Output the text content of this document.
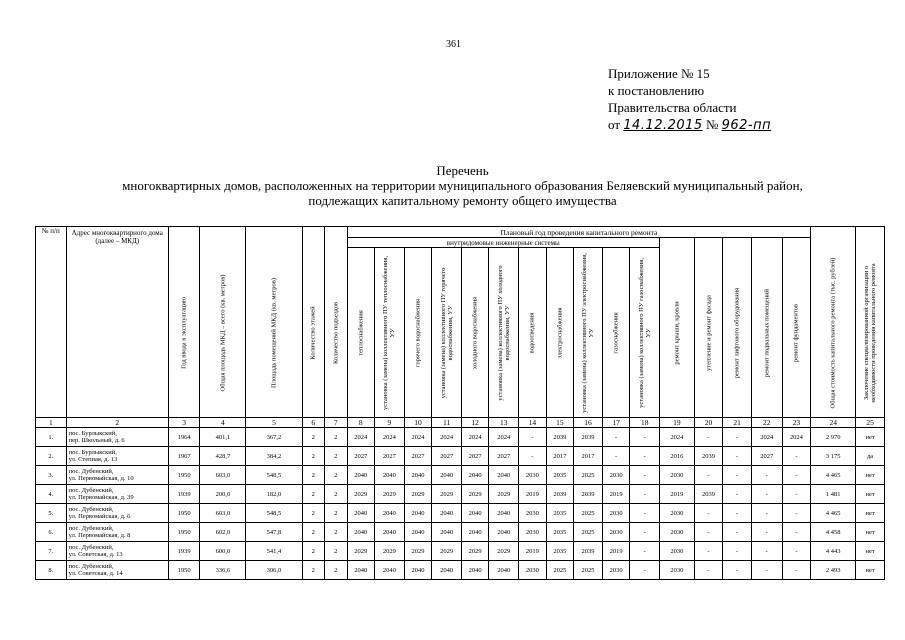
361
Приложение № 15
к постановлению
Правительства области
от 14.12.2015 № 962-пп
Перечень
многоквартирных домов, расположенных на территории муниципального образования Беляевский муниципальный район,
подлежащих капитальному ремонту общего имущества
№ п/п	Адрес многоквартирного дома (далее – МКД)	Год ввода в эксплуатацию	Общая площадь МКД – всего (кв. метров)	Площадь помещений МКД (кв. метров)	Количество этажей	Количество подъездов	Плановый год проведения капитального ремонта																Общая стоимость капитального ремонта (тыс. рублей)	Заключение специализированной организации о необходимости проведения капитального ремонта

							внутридомовые инженерные системы											ремонт крыши, кровли	утепление и ремонт фасада	ремонт лифтового оборудования	ремонт подвальных помещений	ремонт фундаментов		

							теплоснабжения	установка (замена) коллективного ПУ теплоснабжения, УУ	горячего водоснабжения	установка (замена) коллективного ПУ горячего водоснабжения, УУ	холодного водоснабжения	установка (замена) коллективного ПУ холодного водоснабжения, УУ	водоотведения	электроснабжения	установка (замена) коллективного ПУ электроснабжения, УУ	газоснабжения	установка (замена) коллективного ПУ газоснабжения, УУ							

1	2	3	4	5	6	7	8	9	10	11	12	13	14	15	16	17	18	19	20	21	22	23	24	25
1.	пос. Бурлыкский,
пер. Школьный, д. 6	1964	401,1	367,2	2	2	2024	2024	2024	2024	2024	2024	-	2039	2039	-	-	2024	-	-	2024	2024	2 970	нет
2.	пос. Бурлыкский,
ул. Степная, д. 13	1967	428,7	384,2	2	2	2027	2027	2027	2027	2027	2027	-	2017	2017	-	-	2016	2039	-	2027	-	3 175	да
3.	пос. Дубенский,
ул. Первомайская, д. 10	1950	603,0	548,5	2	2	2040	2040	2040	2040	2040	2040	2030	2035	2025	2030	-	2030	-	-	-	-	4 465	нет
4.	пос. Дубенский,
ул. Первомайская, д. 39	1939	200,0	182,0	2	2	2029	2029	2029	2029	2029	2029	2019	2039	2039	2019	-	2019	2039	-	-	-	1 481	нет
5.	пос. Дубенский,
ул. Первомайская, д. 6	1950	603,0	548,5	2	2	2040	2040	2040	2040	2040	2040	2030	2035	2025	2030	-	2030	-	-	-	-	4 465	нет
6.	пос. Дубенский,
ул. Первомайская, д. 8	1950	602,0	547,8	2	2	2040	2040	2040	2040	2040	2040	2030	2035	2025	2030	-	2030	-	-	-	-	4 458	нет
7.	пос. Дубенский,
ул. Советская, д. 13	1939	600,0	541,4	2	2	2029	2029	2029	2029	2029	2029	2019	2035	2039	2019	-	2030	-	-	-	-	4 443	нет
8.	пос. Дубенский,
ул. Советская, д. 14	1950	336,6	306,0	2	2	2040	2040	2040	2040	2040	2040	2030	2025	2025	2030	-	2030	-	-	-	-	2 493	нет
